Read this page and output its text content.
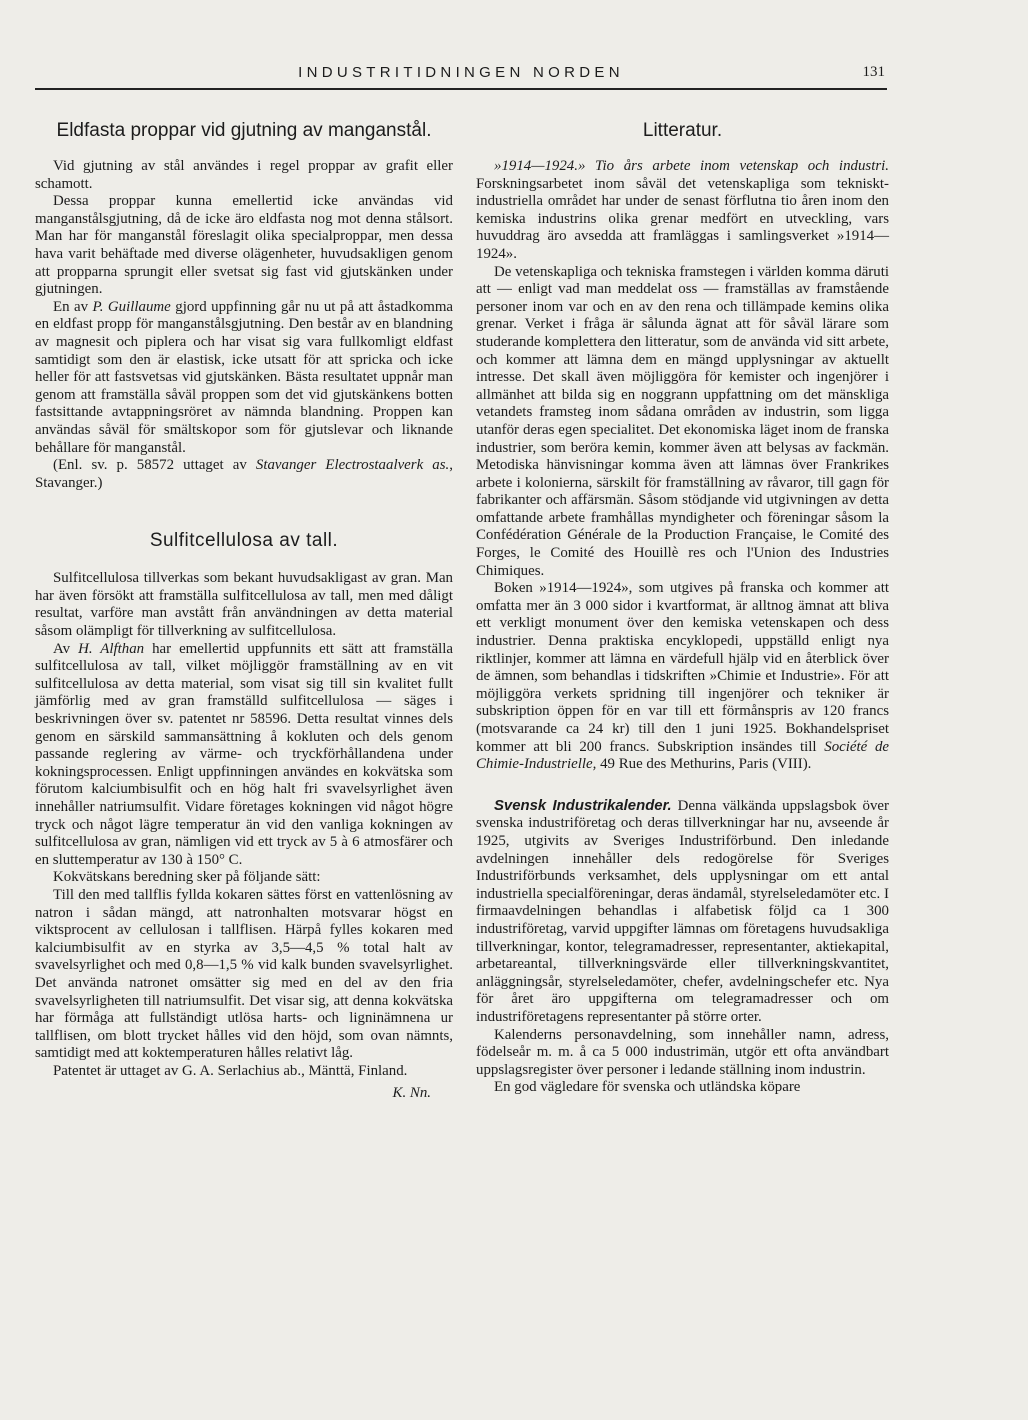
INDUSTRITIDNINGEN NORDEN	131
Eldfasta proppar vid gjutning av manganstål.

Vid gjutning av stål användes i regel proppar av grafit eller schamott.

Dessa proppar kunna emellertid icke användas vid manganstålsgjutning, då de icke äro eldfasta nog mot denna stålsort. Man har för manganstål föreslagit olika specialproppar, men dessa hava varit behäftade med diverse olägenheter, huvudsakligen genom att propparna sprungit eller svetsat sig fast vid gjutskänken under gjutningen.

En av P. Guillaume gjord uppfinning går nu ut på att åstadkomma en eldfast propp för manganstålsgjutning. Den består av en blandning av magnesit och piplera och har visat sig vara fullkomligt eldfast samtidigt som den är elastisk, icke utsatt för att spricka och icke heller för att fastsvetsas vid gjutskänken. Bästa resultatet uppnår man genom att framställa såväl proppen som det vid gjutskänkens botten fastsittande avtappningsröret av nämnda blandning. Proppen kan användas såväl för smältskopor som för gjutslevar och liknande behållare för manganstål.

(Enl. sv. p. 58572 uttaget av Stavanger Electrostaalverk as., Stavanger.)

Sulfitcellulosa av tall.

Sulfitcellulosa tillverkas som bekant huvudsakligast av gran. Man har även försökt att framställa sulfitcellulosa av tall, men med dåligt resultat, varföre man avstått från användningen av detta material såsom olämpligt för tillverkning av sulfitcellulosa.

Av H. Alfthan har emellertid uppfunnits ett sätt att framställa sulfitcellulosa av tall, vilket möjliggör framställning av en vit sulfitcellulosa av detta material, som visat sig till sin kvalitet fullt jämförlig med av gran framställd sulfitcellulosa — säges i beskrivningen över sv. patentet nr 58596. Detta resultat vinnes dels genom en särskild sammansättning å kokluten och dels genom passande reglering av värme- och tryckförhållandena under kokningsprocessen. Enligt uppfinningen användes en kokvätska som förutom kalciumbisulfit och en hög halt fri svavelsyrlighet även innehåller natriumsulfit. Vidare företages kokningen vid något högre tryck och något lägre temperatur än vid den vanliga kokningen av sulfitcellulosa av gran, nämligen vid ett tryck av 5 à 6 atmosfärer och en sluttemperatur av 130 à 150° C.

Kokvätskans beredning sker på följande sätt:

Till den med tallflis fyllda kokaren sättes först en vattenlösning av natron i sådan mängd, att natronhalten motsvarar högst en viktsprocent av cellulosan i tallflisen. Härpå fylles kokaren med kalciumbisulfit av en styrka av 3,5—4,5 % total halt av svavelsyrlighet och med 0,8—1,5 % vid kalk bunden svavelsyrlighet. Det använda natronet omsätter sig med en del av den fria svavelsyrligheten till natriumsulfit. Det visar sig, att denna kokvätska har förmåga att fullständigt utlösa harts- och ligninämnena ur tallflisen, om blott trycket hålles vid den höjd, som ovan nämnts, samtidigt med att koktemperaturen hålles relativt låg.

Patentet är uttaget av G. A. Serlachius ab., Mänttä, Finland.

K. Nn.

Litteratur.

»1914—1924.» Tio års arbete inom vetenskap och industri. Forskningsarbetet inom såväl det vetenskapliga som tekniskt-industriella området har under de senast förflutna tio åren inom den kemiska industrins olika grenar medfört en utveckling, vars huvuddrag äro avsedda att framläggas i samlingsverket »1914—1924».

De vetenskapliga och tekniska framstegen i världen komma däruti att — enligt vad man meddelat oss — framställas av framstående personer inom var och en av den rena och tillämpade kemins olika grenar. Verket i fråga är sålunda ägnat att för såväl lärare som studerande komplettera den litteratur, som de använda vid sitt arbete, och kommer att lämna dem en mängd upplysningar av aktuellt intresse. Det skall även möjliggöra för kemister och ingenjörer i allmänhet att bilda sig en noggrann uppfattning om det mänskliga vetandets framsteg inom sådana områden av industrin, som ligga utanför deras egen specialitet. Det ekonomiska läget inom de franska industrier, som beröra kemin, kommer även att belysas av fackmän. Metodiska hänvisningar komma även att lämnas över Frankrikes arbete i kolonierna, särskilt för framställning av råvaror, till gagn för fabrikanter och affärsmän. Såsom stödjande vid utgivningen av detta omfattande arbete framhållas myndigheter och föreningar såsom la Confédération Générale de la Production Française, le Comité des Forges, le Comité des Houillè res och l'Union des Industries Chimiques.

Boken »1914—1924», som utgives på franska och kommer att omfatta mer än 3 000 sidor i kvartformat, är alltnog ämnat att bliva ett verkligt monument över den kemiska vetenskapen och dess industrier. Denna praktiska encyklopedi, uppställd enligt nya riktlinjer, kommer att lämna en värdefull hjälp vid en återblick över de ämnen, som behandlas i tidskriften »Chimie et Industrie». För att möjliggöra verkets spridning till ingenjörer och tekniker är subskription öppen för en var till ett förmånspris av 120 francs (motsvarande ca 24 kr) till den 1 juni 1925. Bokhandelspriset kommer att bli 200 francs. Subskription insändes till Société de Chimie-Industrielle, 49 Rue des Methurins, Paris (VIII).

Svensk Industrikalender. Denna välkända uppslagsbok över svenska industriföretag och deras tillverkningar har nu, avseende år 1925, utgivits av Sveriges Industriförbund. Den inledande avdelningen innehåller dels redogörelse för Sveriges Industriförbunds verksamhet, dels upplysningar om ett antal industriella specialföreningar, deras ändamål, styrelseledamöter etc. I firmaavdelningen behandlas i alfabetisk följd ca 1 300 industriföretag, varvid uppgifter lämnas om företagens huvudsakliga tillverkningar, kontor, telegramadresser, representanter, aktiekapital, arbetareantal, tillverkningsvärde eller tillverkningskvantitet, anläggningsår, styrelseledamöter, chefer, avdelningschefer etc. Nya för året äro uppgifterna om telegramadresser och om industriföretagens representanter på större orter.

Kalenderns personavdelning, som innehåller namn, adress, födelseår m. m. å ca 5 000 industrimän, utgör ett ofta användbart uppslagsregister över personer i ledande ställning inom industrin.

En god vägledare för svenska och utländska köpare
